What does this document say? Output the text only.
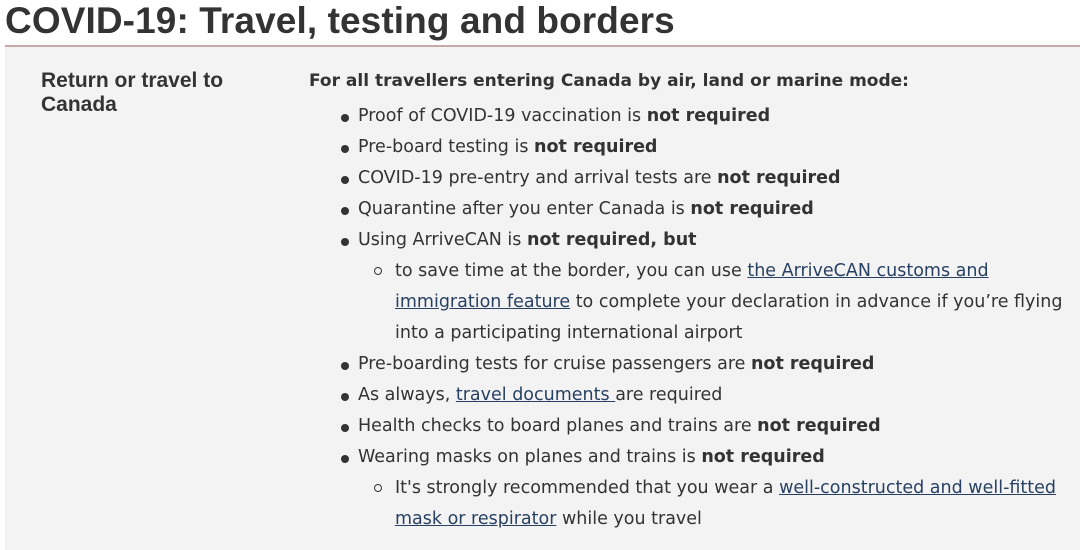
COVID-19: Travel, testing and borders
Return or travel to Canada

For all travellers entering Canada by air, land or marine mode:

Proof of COVID-19 vaccination is not required
Pre-board testing is not required
COVID-19 pre-entry and arrival tests are not required
Quarantine after you enter Canada is not required
Using ArriveCAN is not required, but
to save time at the border, you can use the ArriveCAN customs and immigration feature to complete your declaration in advance if you’re flying into a participating international airport
Pre-boarding tests for cruise passengers are not required
As always, travel documents are required
Health checks to board planes and trains are not required
Wearing masks on planes and trains is not required
It's strongly recommended that you wear a well-constructed and well-fitted mask or respirator while you travel
